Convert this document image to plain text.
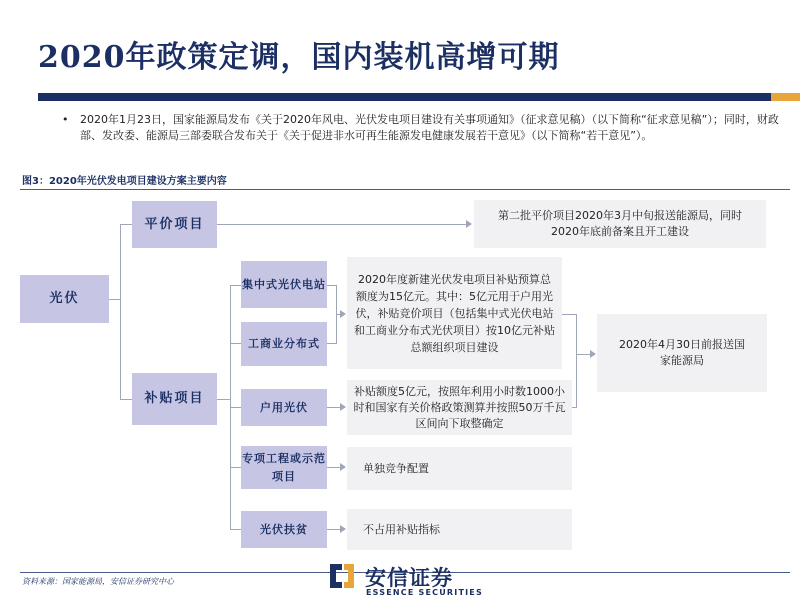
2020年政策定调，国内装机高增可期
• 2020年1月23日，国家能源局发布《关于2020年风电、光伏发电项目建设有关事项通知》（征求意见稿）（以下简称“征求意见稿”）；同时，财政部、发改委、能源局三部委联合发布关于《关于促进非水可再生能源发电健康发展若干意见》（以下简称“若干意见”）。
图3：2020年光伏发电项目建设方案主要内容
光伏
平价项目
补贴项目
集中式光伏电站
工商业分布式
户用光伏
专项工程或示范项目
光伏扶贫
第二批平价项目2020年3月中旬报送能源局，同时2020年底前备案且开工建设
2020年度新建光伏发电项目补贴预算总额度为15亿元。其中：5亿元用于户用光伏，补贴竞价项目（包括集中式光伏电站和工商业分布式光伏项目）按10亿元补贴总额组织项目建设	2020年4月30日前报送国家能源局
补贴额度5亿元，按照年利用小时数1000小时和国家有关价格政策测算并按照50万千瓦区间向下取整确定
单独竞争配置
不占用补贴指标
资料来源：国家能源局，安信证券研究中心	安信证券
ESSENCE SECURITIES
